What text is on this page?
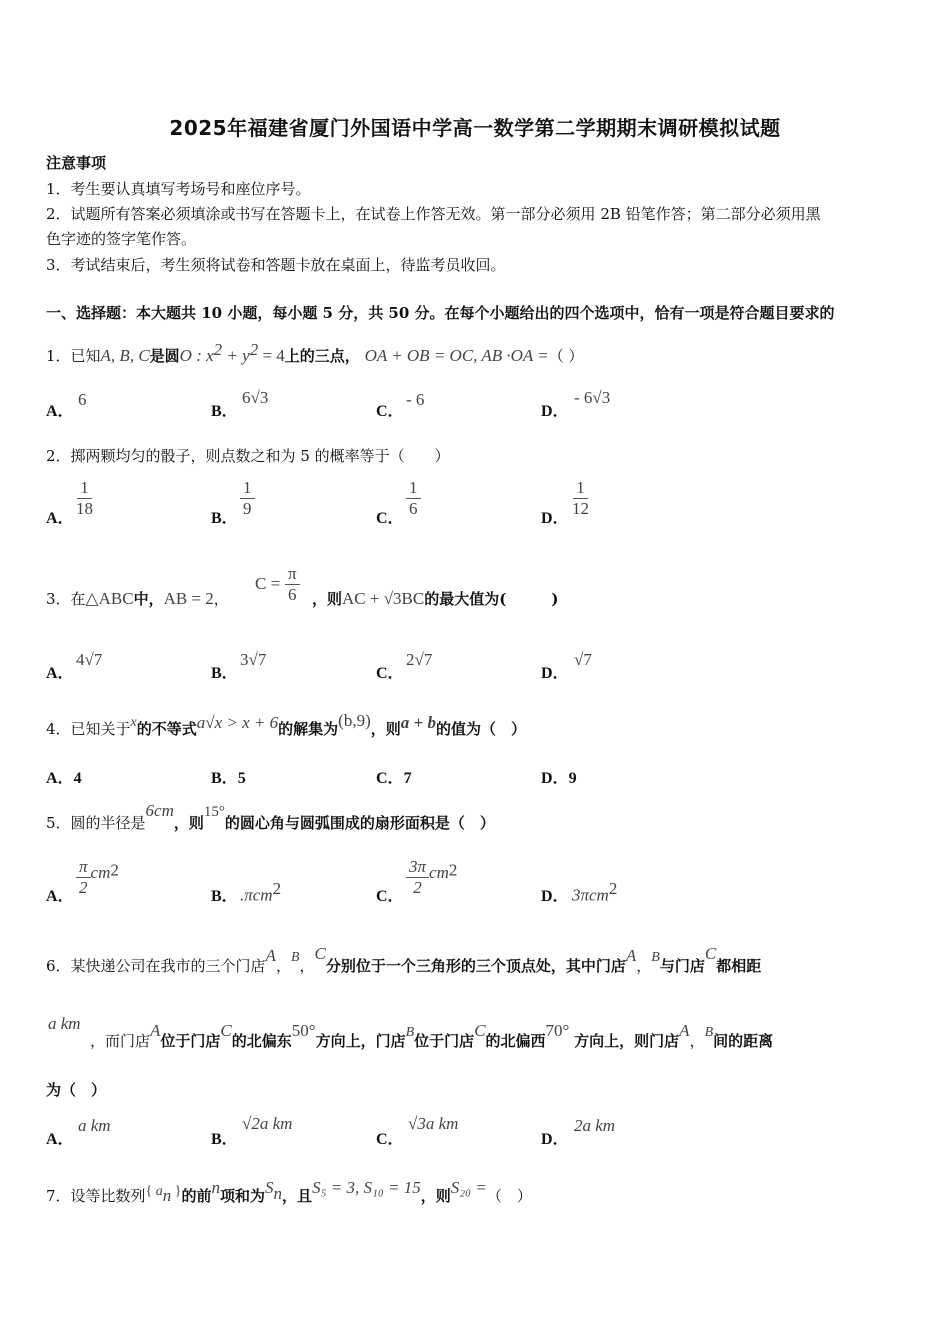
2025年福建省厦门外国语中学高一数学第二学期期末调研模拟试题
注意事项
1．考生要认真填写考场号和座位序号。
2．试题所有答案必须填涂或书写在答题卡上，在试卷上作答无效。第一部分必须用 2B 铅笔作答；第二部分必须用黑
色字迹的签字笔作答。
3．考试结束后，考生须将试卷和答题卡放在桌面上，待监考员收回。
一、选择题：本大题共 10 小题，每小题 5 分，共 50 分。在每个小题给出的四个选项中，恰有一项是符合题目要求的
1．已知A, B, C是圆O : $x^2 + y^2 = 4$上的三点， OA + OB = OC, AB ·OA =（ ）
A．
6
B．
6√3
C．
- 6
D．
- 6√3
2．掷两颗均匀的骰子，则点数之和为 5 的概率等于（　　）
A． $\frac{1}{18}$	B． $\frac{1}{9}$	C． $\frac{1}{6}$	D． $\frac{1}{12}$
3．在△ABC中，AB = 2，
$C = \frac{\pi}{6}$ ，则AC + √3BC的最大值为(　　　)
A．
4√7
B．
3√7
C．
2√7
D．
√7
4．已知关于x的不等式a√x > x + 6的解集为(b,9)，则a + b的值为（　）
A．4	B．5	C．7	D．9
5．圆的半径是6cm，则15°的圆心角与圆弧围成的扇形面积是（　）
A． $\frac{\pi}{2} cm^2$
B． .πcm$^2$	C． $\frac{3\pi}{2} cm^2$
D． 3πcm$^2$
6．某快递公司在我市的三个门店A，B，C分别位于一个三角形的三个顶点处，其中门店A，B与门店C都相距
a km
，而门店A位于门店C的北偏东50°方向上，门店B位于门店C的北偏西70° 方向上，则门店A，B间的距离
为（　）
A．
a km
B．
√2a km
C．
√3a km
D．
2a km
7．设等比数列{ $a_n$ }的前n项和为$S_n$，且S₅ = 3, S₁₀ = 15，则S₂₀ =（　）
